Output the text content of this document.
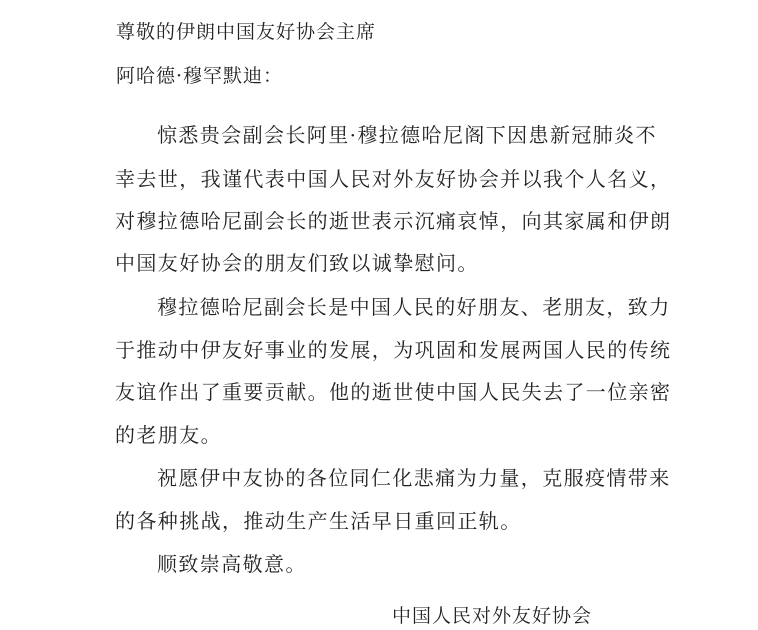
尊敬的伊朗中国友好协会主席
阿哈德·穆罕默迪：
惊悉贵会副会长阿里·穆拉德哈尼阁下因患新冠肺炎不
幸去世，我谨代表中国人民对外友好协会并以我个人名义，
对穆拉德哈尼副会长的逝世表示沉痛哀悼，向其家属和伊朗
中国友好协会的朋友们致以诚挚慰问。
穆拉德哈尼副会长是中国人民的好朋友、老朋友，致力
于推动中伊友好事业的发展，为巩固和发展两国人民的传统
友谊作出了重要贡献。他的逝世使中国人民失去了一位亲密
的老朋友。
祝愿伊中友协的各位同仁化悲痛为力量，克服疫情带来
的各种挑战，推动生产生活早日重回正轨。
顺致崇高敬意。
中国人民对外友好协会
